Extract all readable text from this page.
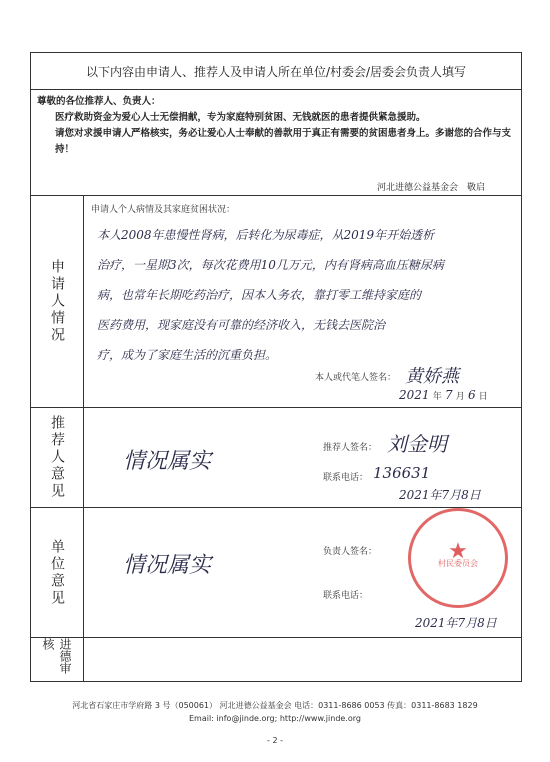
以下内容由申请人、推荐人及申请人所在单位/村委会/居委会负责人填写
尊敬的各位推荐人、负责人：
医疗救助资金为爱心人士无偿捐献，专为家庭特别贫困、无钱就医的患者提供紧急援助。
请您对求援申请人严格核实，务必让爱心人士奉献的善款用于真正有需要的贫困患者身上。多谢您的合作与支持！
河北进德公益基金会　敬启
申请人情况
申请人个人病情及其家庭贫困状况：
本人2008年患慢性肾病，后转化为尿毒症，从2019年开始透析
治疗，一星期3次，每次花费用10几万元，内有肾病高血压糖尿病
病，也常年长期吃药治疗，因本人务农，靠打零工维持家庭的
医药费用，现家庭没有可靠的经济收入，无钱去医院治
疗，成为了家庭生活的沉重负担。
本人或代笔人签名： 黄娇燕
2021 年 7 月 6 日
推荐人意见	情况属实
推荐人签名： 刘金明
联系电话： 136631
2021年7月8日
单位意见	情况属实
负责人签名：
联系电话：
2021年7月8日
进德审核
★
村民委员会
河北省石家庄市学府路 3 号（050061） 河北进德公益基金会 电话：0311-8686 0053 传真：0311-8683 1829
Email: info@jinde.org; http://www.jinde.org
- 2 -
